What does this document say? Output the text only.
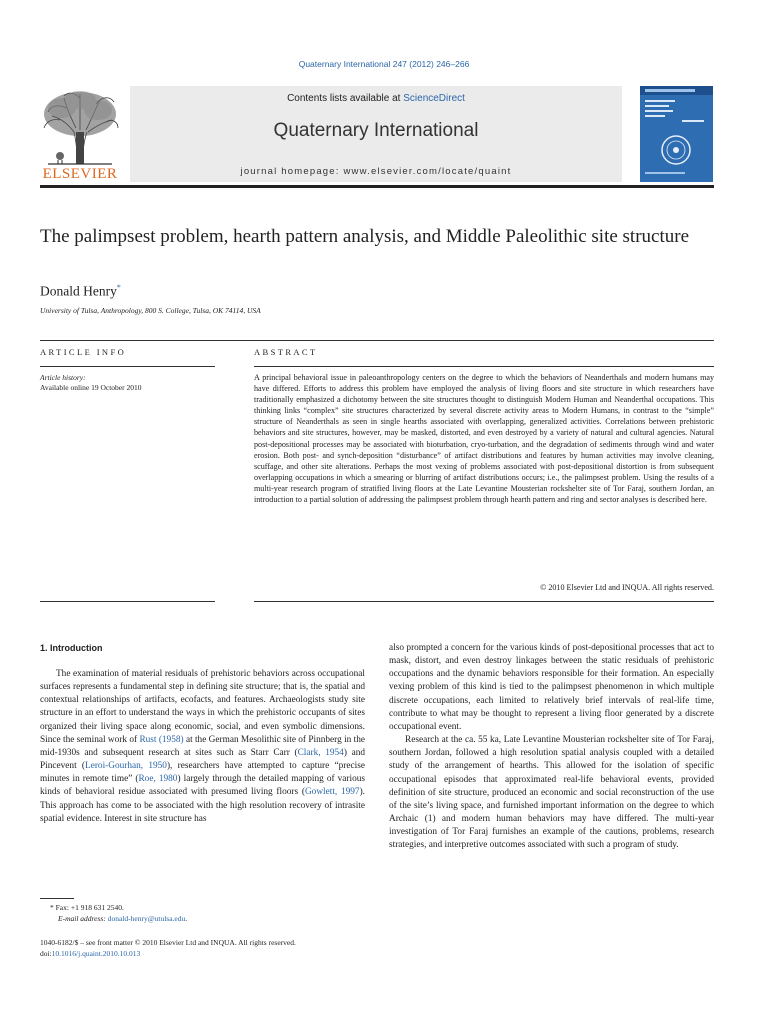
Quaternary International 247 (2012) 246–266
ELSEVIER
Contents lists available at ScienceDirect
Quaternary International
journal homepage: www.elsevier.com/locate/quaint
The palimpsest problem, hearth pattern analysis, and Middle Paleolithic site structure
Donald Henry*
University of Tulsa, Anthropology, 800 S. College, Tulsa, OK 74114, USA
ARTICLE INFO	ABSTRACT
Article history:
Available online 19 October 2010
A principal behavioral issue in paleoanthropology centers on the degree to which the behaviors of Neanderthals and modern humans may have differed. Efforts to address this problem have employed the analysis of living floors and site structure in which researchers have traditionally emphasized a dichotomy between the site structures thought to distinguish Modern Human and Neanderthal occupations. This thinking links “complex” site structures characterized by several discrete activity areas to Modern Humans, in contrast to the “simple” structure of Neanderthals as seen in single hearths associated with overlapping, generalized activities. Correlations between prehistoric behaviors and site structures, however, may be masked, distorted, and even destroyed by a variety of natural and cultural agencies. Natural post-depositional processes may be associated with bioturbation, cryo-turbation, and the degradation of sediments through wind and water erosion. Both post- and synch-deposition “disturbance” of artifact distributions and features by human activities may involve cleaning, scuffage, and other site alterations. Perhaps the most vexing of problems associated with post-depositional distortion is from subsequent overlapping occupations in which a smearing or blurring of artifact distributions occurs; i.e., the palimpsest problem. Using the results of a multi-year research program of stratified living floors at the Late Levantine Mousterian rockshelter site of Tor Faraj, southern Jordan, an introduction to a partial solution of addressing the palimpsest problem through hearth pattern and ring and sector analyses is described here.
© 2010 Elsevier Ltd and INQUA. All rights reserved.
1. Introduction

The examination of material residuals of prehistoric behaviors across occupational surfaces represents a fundamental step in defining site structure; that is, the spatial and contextual relationships of artifacts, ecofacts, and features. Archaeologists study site structure in an effort to understand the ways in which the prehistoric occupants of sites organized their living space along economic, social, and even symbolic dimensions. Since the seminal work of Rust (1958) at the German Mesolithic site of Pinnberg in the mid-1930s and subsequent research at sites such as Starr Carr (Clark, 1954) and Pincevent (Leroi-Gourhan, 1950), researchers have attempted to capture “precise minutes in remote time” (Roe, 1980) largely through the detailed mapping of various kinds of behavioral residue associated with presumed living floors (Gowlett, 1997). This approach has come to be associated with the high resolution recovery of intrasite spatial evidence. Interest in site structure has

also prompted a concern for the various kinds of post-depositional processes that act to mask, distort, and even destroy linkages between the static residuals of prehistoric occupations and the dynamic behaviors responsible for their formation. An especially vexing problem of this kind is tied to the palimpsest phenomenon in which multiple discrete occupations, each limited to relatively brief intervals of real-life time, contribute to what may be thought to represent a living floor generated by a discrete occupational event.

Research at the ca. 55 ka, Late Levantine Mousterian rockshelter site of Tor Faraj, southern Jordan, followed a high resolution spatial analysis coupled with a detailed study of the arrangement of hearths. This allowed for the isolation of specific occupational episodes that approximated real-life behavioral events, provided definition of site structure, produced an economic and social reconstruction of the use of the site’s living space, and furnished important information on the degree to which Archaic (1) and modern human behaviors may have differed. The multi-year investigation of Tor Faraj furnishes an example of the cautions, problems, research strategies, and interpretive outcomes associated with such a program of study.

* Fax: +1 918 631 2540.
E-mail address: donald-henry@utulsa.edu.
1040-6182/$ – see front matter © 2010 Elsevier Ltd and INQUA. All rights reserved.
doi:10.1016/j.quaint.2010.10.013
